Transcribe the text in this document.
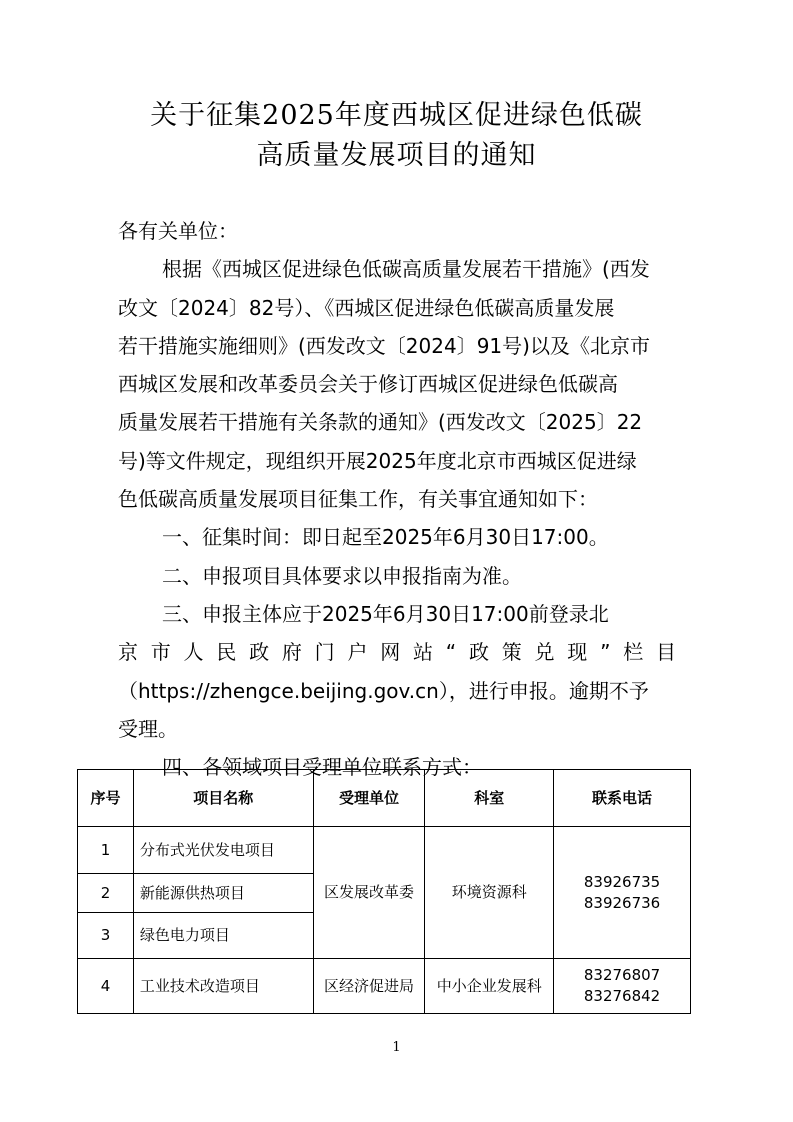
关于征集2025年度西城区促进绿色低碳
高质量发展项目的通知
各有关单位：
根据《西城区促进绿色低碳高质量发展若干措施》(西发
改文〔2024〕82号）、《西城区促进绿色低碳高质量发展
若干措施实施细则》(西发改文〔2024〕91号)以及《北京市
西城区发展和改革委员会关于修订西城区促进绿色低碳高
质量发展若干措施有关条款的通知》(西发改文〔2025〕22
号)等文件规定，现组织开展2025年度北京市西城区促进绿
色低碳高质量发展项目征集工作，有关事宜通知如下：
一、征集时间：即日起至2025年6月30日17:00。
二、申报项目具体要求以申报指南为准。
三、申报主体应于2025年6月30日17:00前登录北
京市人民政府门户网站“政策兑现”栏目
（https://zhengce.beijing.gov.cn），进行申报。逾期不予
受理。
四、各领域项目受理单位联系方式：
序号	项目名称	受理单位	科室	联系电话
1	分布式光伏发电项目	区发展改革委	环境资源科	83926735
83926736

2	新能源供热项目			
3	绿色电力项目			
4	工业技术改造项目	区经济促进局	中小企业发展科	83276807
83276842
1
